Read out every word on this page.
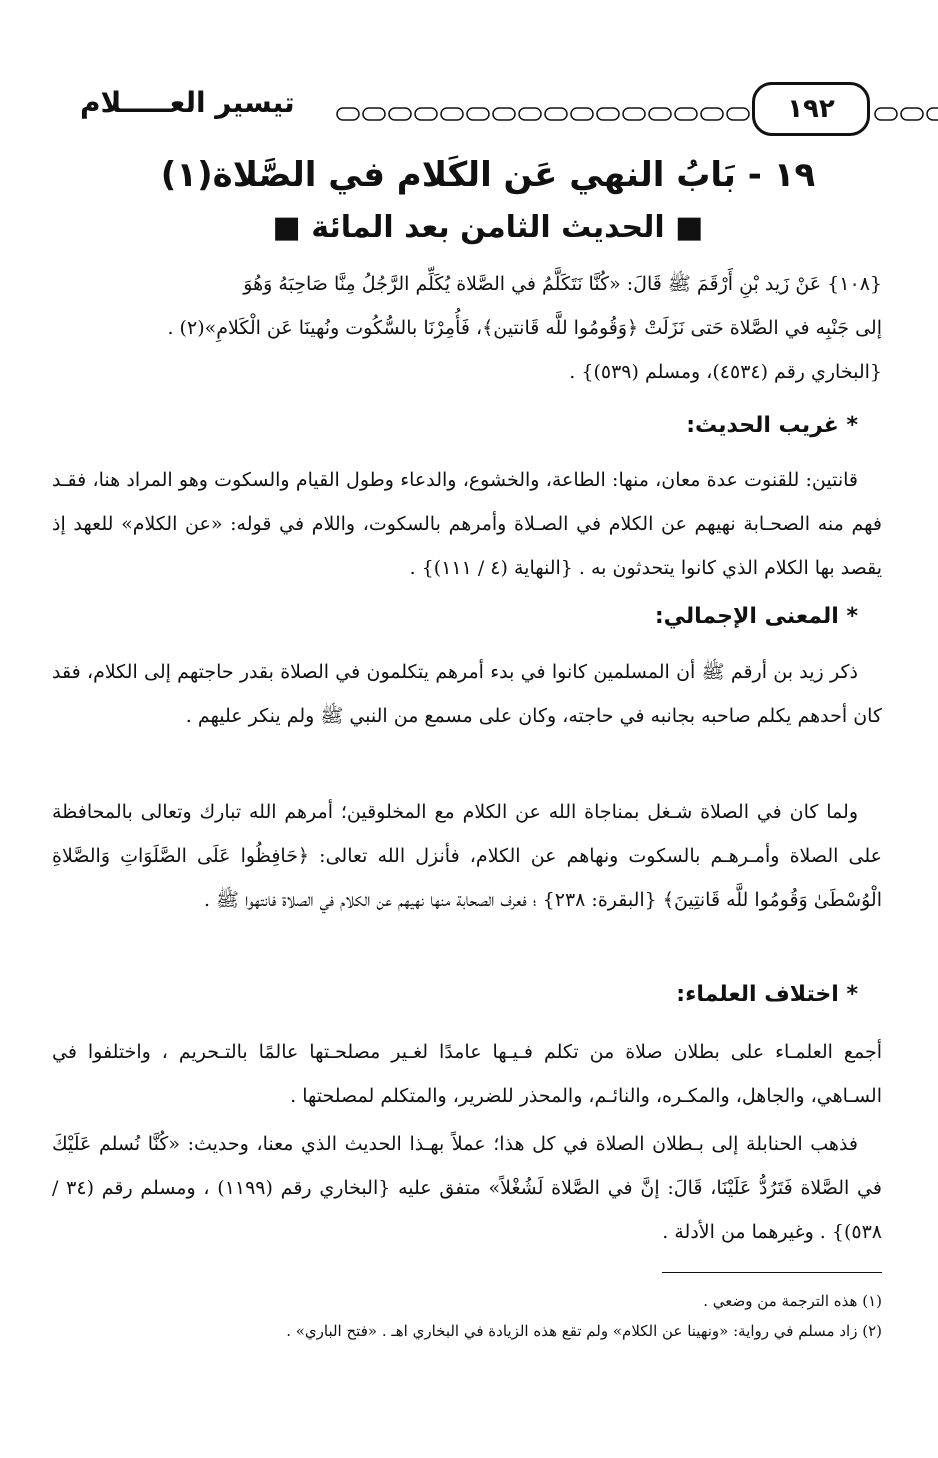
تيسير العـــــلام	١٩٢
١٩ - بَابُ النهي عَن الكَلام في الصَّلاة(١)
■ الحديث الثامن بعد المائة ■
{١٠٨} عَنْ زَيد بْنِ أَرْقَمَ ﷺ قَالَ: «كُنَّا نَتَكَلَّمُ في الصَّلاة يُكَلِّم الرَّجُلُ مِنَّا صَاحِبَهُ وَهُوَ
إلى جَنْبِه في الصَّلاة حَتى نَزَلَتْ ﴿وَقُومُوا للَّه قَانتين﴾، فَأُمِرْنَا بالسُّكُوت ونُهينَا عَن الْكَلامِ»(٢) .
{البخاري رقم (٤٥٣٤)، ومسلم (٥٣٩)} .
* غريب الحديث:
قانتين: للقنوت عدة معان، منها: الطاعة، والخشوع، والدعاء وطول القيام والسكوت وهو المراد هنا، فقـد فهم منه الصحـابة نهيهم عن الكلام في الصـلاة وأمرهم بالسكوت، واللام في قوله: «عن الكلام» للعهد إذ يقصد بها الكلام الذي كانوا يتحدثون به . {النهاية (٤ / ١١١)} .
* المعنى الإجمالي:
ذكر زيد بن أرقم ﷺ أن المسلمين كانوا في بدء أمرهم يتكلمون في الصلاة بقدر حاجتهم إلى الكلام، فقد كان أحدهم يكلم صاحبه بجانبه في حاجته، وكان على مسمع من النبي ﷺ ولم ينكر عليهم .
ولما كان في الصلاة شـغل بمناجاة الله عن الكلام مع المخلوقين؛ أمرهم الله تبارك وتعالى بالمحافظة على الصلاة وأمـرهـم بالسكوت ونهاهم عن الكلام، فأنزل الله تعالى: ﴿حَافِظُوا عَلَى الصَّلَوَاتِ وَالصَّلاةِ الْوُسْطَىٰ وَقُومُوا للَّه قَانتِينَ﴾ {البقرة: ٢٣٨} ؛ فعرف الصحابة منها نهيهم عن الكلام في الصلاة فانتهوا ﷺ .
* اختلاف العلماء:
أجمع العلمـاء على بطلان صلاة من تكلم فـيـها عامدًا لغـير مصلحـتها عالمًا بالتـحريم ، واختلفوا في السـاهي، والجاهل، والمكـره، والنائـم، والمحذر للضرير، والمتكلم لمصلحتها .
فذهب الحنابلة إلى بـطلان الصلاة في كل هذا؛ عملاً بهـذا الحديث الذي معنا، وحديث: «كُنَّا نُسلم عَلَيْكَ في الصَّلاة فَتَرُدُّ عَلَيْنَا، قَالَ: إنَّ في الصَّلاة لَشُغْلاً» متفق عليه {البخاري رقم (١١٩٩) ، ومسلم رقم (٣٤ / ٥٣٨)} . وغيرهما من الأدلة .
(١) هذه الترجمة من وضعي .
(٢) زاد مسلم في رواية: «ونهينا عن الكلام» ولم تقع هذه الزيادة في البخاري اهـ . «فتح الباري» .
